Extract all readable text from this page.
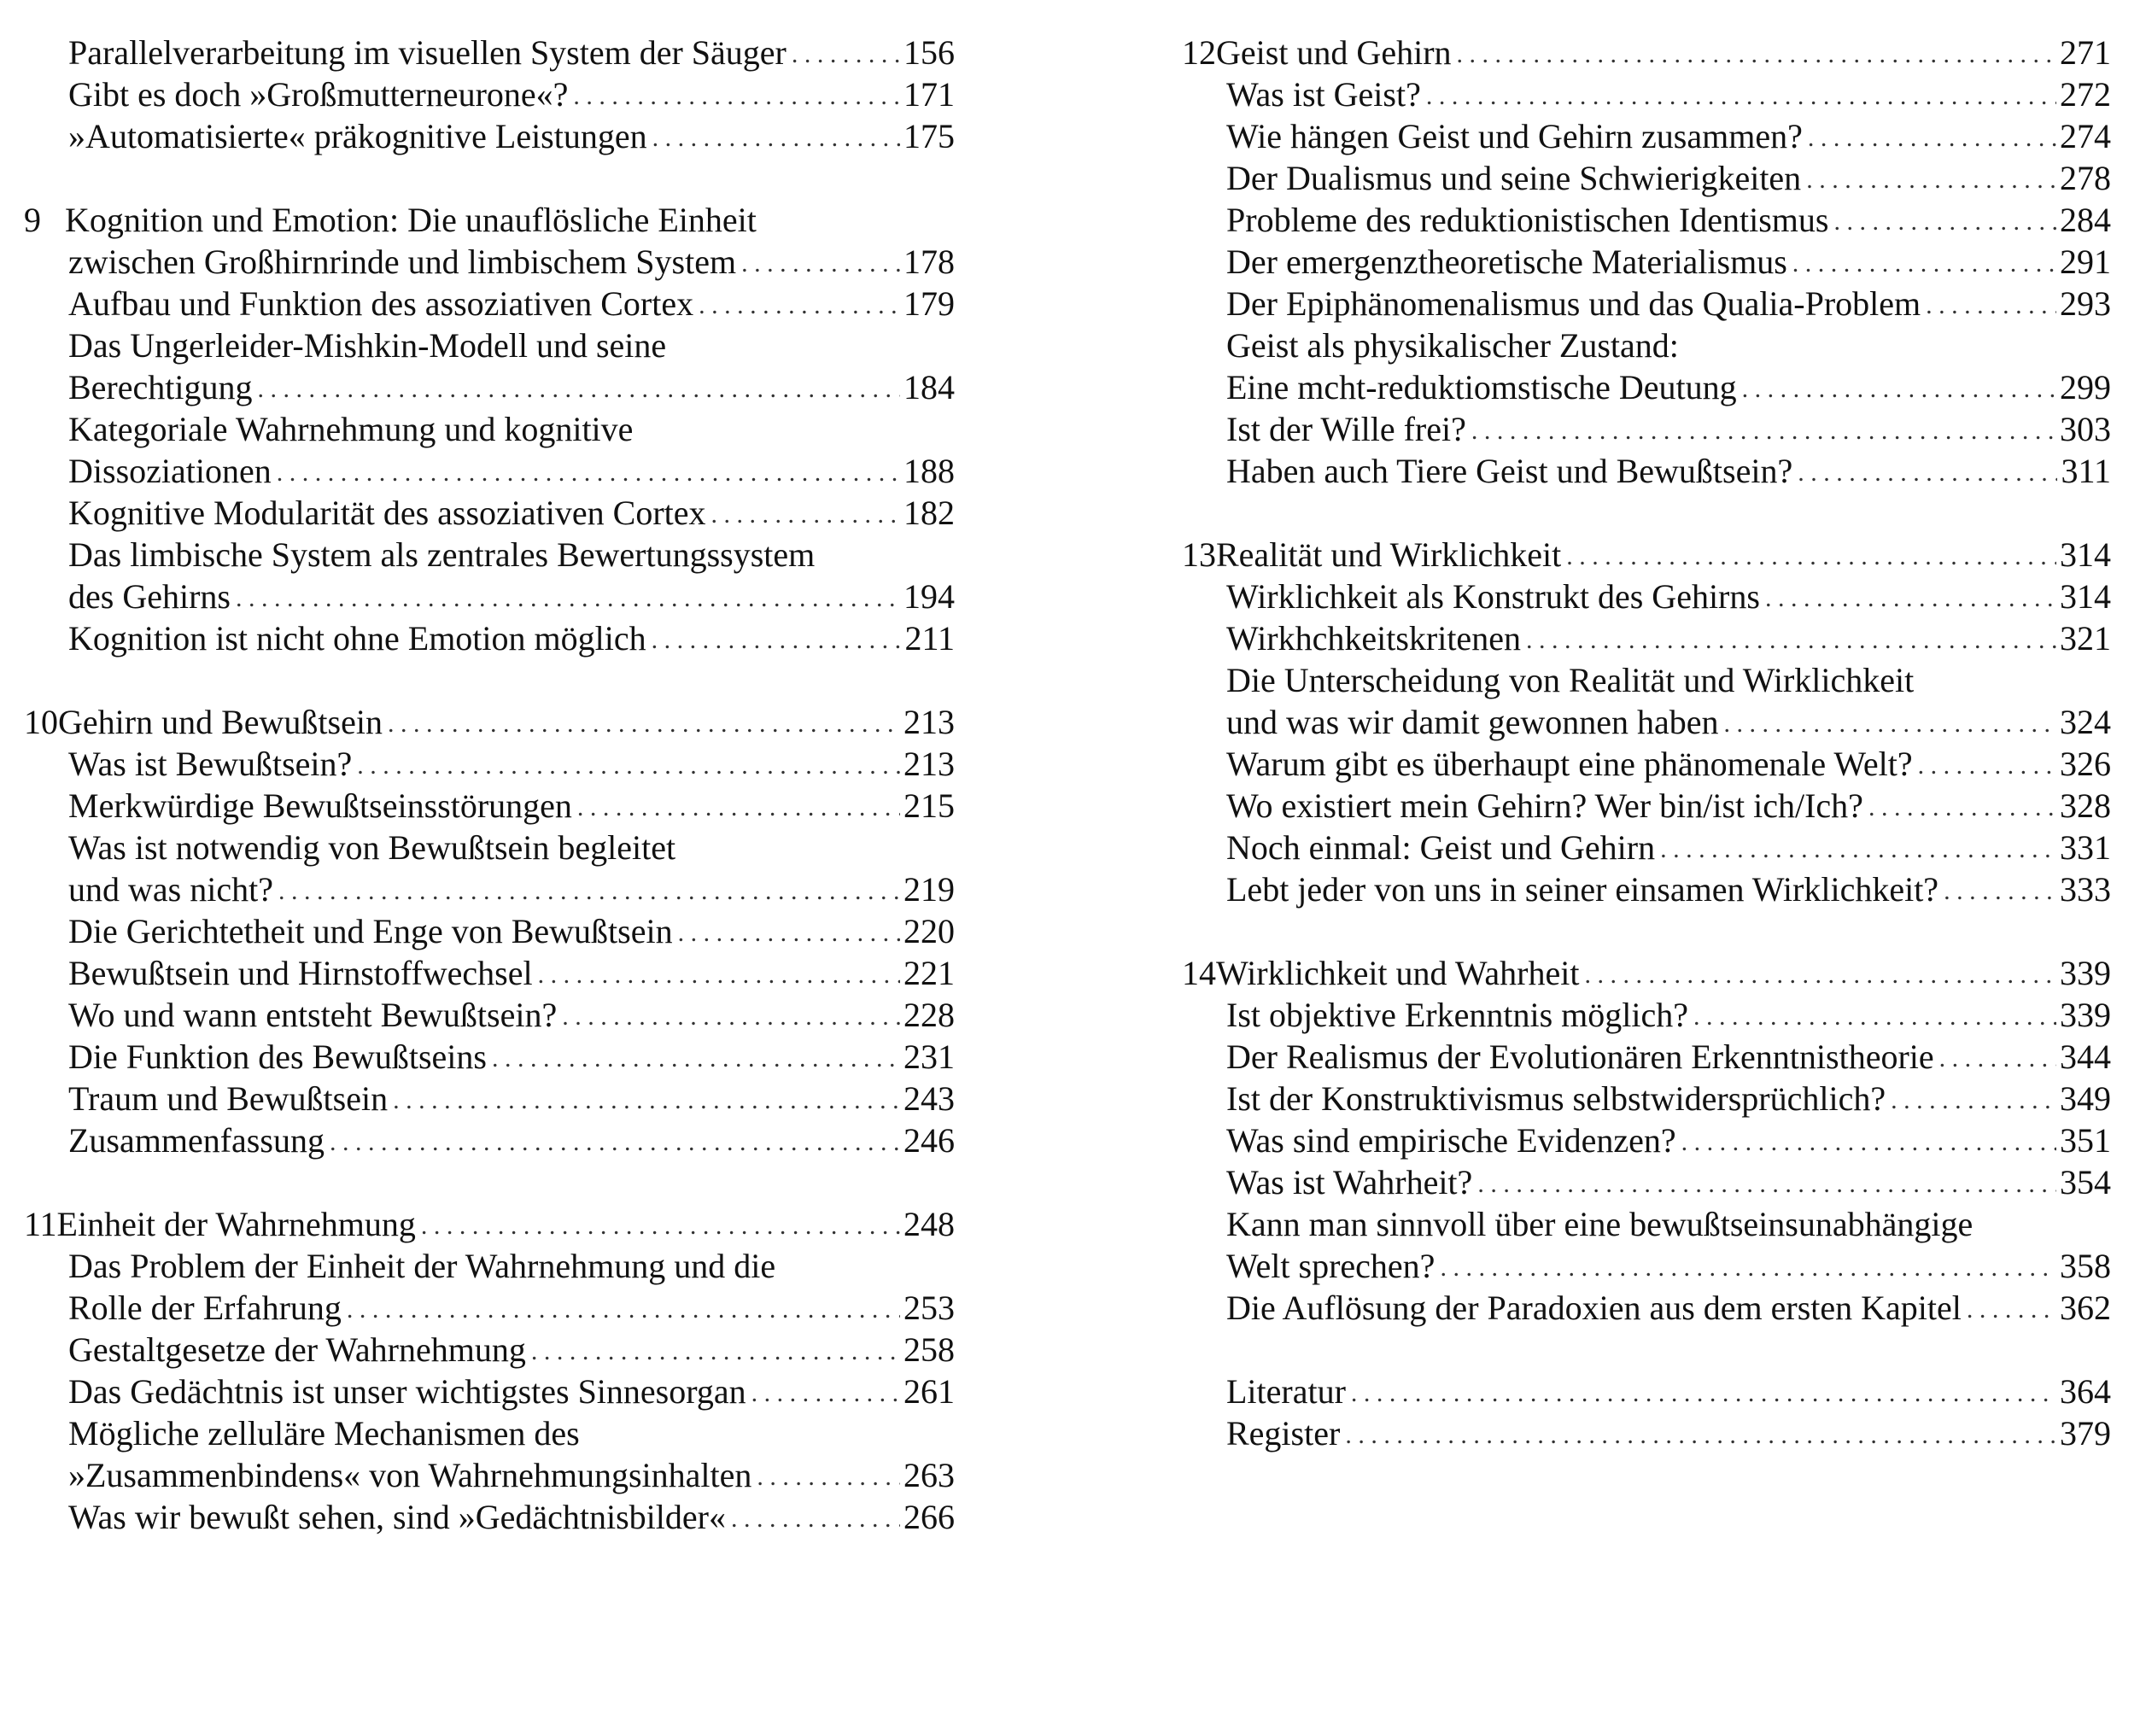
Parallelverarbeitung im visuellen System der Säuger . . .	156
Gibt es doch »Großmutterneurone«? . . .	171
»Automatisierte« präkognitive Leistungen . . .	175
9 Kognition und Emotion: Die unauflösliche Einheit
zwischen Großhirnrinde und limbischem System . . .	178
Aufbau und Funktion des assoziativen Cortex . . .	179
Das Ungerleider-Mishkin-Modell und seine
Berechtigung . . .	184
Kategoriale Wahrnehmung und kognitive
Dissoziationen . . .	188
Kognitive Modularität des assoziativen Cortex . . .	182
Das limbische System als zentrales Bewertungssystem
des Gehirns . . .	194
Kognition ist nicht ohne Emotion möglich . . .	211
10 Gehirn und Bewußtsein . . .	213
Was ist Bewußtsein? . . .	213
Merkwürdige Bewußtseinsstörungen . . .	215
Was ist notwendig von Bewußtsein begleitet
und was nicht? . . .	219
Die Gerichtetheit und Enge von Bewußtsein . . .	220
Bewußtsein und Hirnstoffwechsel . . .	221
Wo und wann entsteht Bewußtsein? . . .	228
Die Funktion des Bewußtseins . . .	231
Traum und Bewußtsein . . .	243
Zusammenfassung . . .	246
11 Einheit der Wahrnehmung . . .	248
Das Problem der Einheit der Wahrnehmung und die
Rolle der Erfahrung . . .	253
Gestaltgesetze der Wahrnehmung . . .	258
Das Gedächtnis ist unser wichtigstes Sinnesorgan . . .	261
Mögliche zelluläre Mechanismen des
»Zusammenbindens« von Wahrnehmungsinhalten . . .	263
Was wir bewußt sehen, sind »Gedächtnisbilder« . . .	266
12 Geist und Gehirn . . .	271
Was ist Geist? . . .	272
Wie hängen Geist und Gehirn zusammen? . . .	274
Der Dualismus und seine Schwierigkeiten . . .	278
Probleme des reduktionistischen Identismus . . .	284
Der emergenztheoretische Materialismus . . .	291
Der Epiphänomenalismus und das Qualia-Problem . . .	293
Geist als physikalischer Zustand:
Eine mcht-reduktiomstische Deutung . . .	299
Ist der Wille frei? . . .	303
Haben auch Tiere Geist und Bewußtsein? . . .	311
13 Realität und Wirklichkeit . . .	314
Wirklichkeit als Konstrukt des Gehirns . . .	314
Wirkhchkeitskritenen . . .	321
Die Unterscheidung von Realität und Wirklichkeit
und was wir damit gewonnen haben . . .	324
Warum gibt es überhaupt eine phänomenale Welt? . . .	326
Wo existiert mein Gehirn? Wer bin/ist ich/Ich? . . .	328
Noch einmal: Geist und Gehirn . . .	331
Lebt jeder von uns in seiner einsamen Wirklichkeit? . . .	333
14 Wirklichkeit und Wahrheit . . .	339
Ist objektive Erkenntnis möglich? . . .	339
Der Realismus der Evolutionären Erkenntnistheorie . . .	344
Ist der Konstruktivismus selbstwidersprüchlich? . . .	349
Was sind empirische Evidenzen? . . .	351
Was ist Wahrheit? . . .	354
Kann man sinnvoll über eine bewußtseinsunabhängige
Welt sprechen? . . .	358
Die Auflösung der Paradoxien aus dem ersten Kapitel . . .	362
Literatur . . .	364
Register . . .	379
